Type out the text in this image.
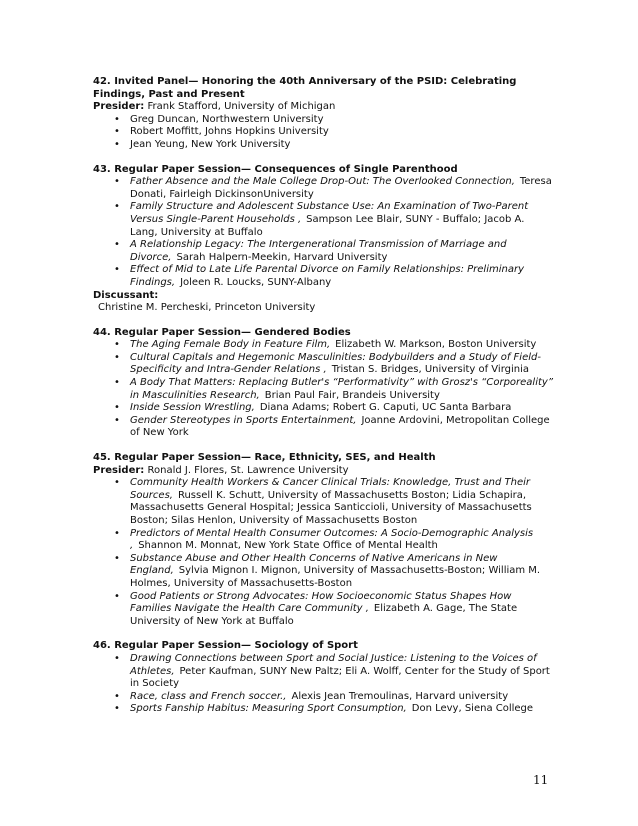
42. Invited Panel— Honoring the 40th Anniversary of the PSID: Celebrating Findings, Past and Present
Presider: Frank Stafford, University of Michigan
• Greg Duncan, Northwestern University
• Robert Moffitt, Johns Hopkins University
• Jean Yeung, New York University
43. Regular Paper Session— Consequences of Single Parenthood
• Father Absence and the Male College Drop-Out: The Overlooked Connection, Teresa Donati, Fairleigh DickinsonUniversity
• Family Structure and Adolescent Substance Use: An Examination of Two-Parent Versus Single-Parent Households , Sampson Lee Blair, SUNY - Buffalo; Jacob A. Lang, University at Buffalo
• A Relationship Legacy: The Intergenerational Transmission of Marriage and Divorce, Sarah Halpern-Meekin, Harvard University
• Effect of Mid to Late Life Parental Divorce on Family Relationships: Preliminary Findings, Joleen R. Loucks, SUNY-Albany
Discussant:
Christine M. Percheski, Princeton University
44. Regular Paper Session— Gendered Bodies
• The Aging Female Body in Feature Film, Elizabeth W. Markson, Boston University
• Cultural Capitals and Hegemonic Masculinities: Bodybuilders and a Study of Field-Specificity and Intra-Gender Relations , Tristan S. Bridges, University of Virginia
• A Body That Matters: Replacing Butler's “Performativity” with Grosz's “Corporeality” in Masculinities Research, Brian Paul Fair, Brandeis University
• Inside Session Wrestling, Diana Adams; Robert G. Caputi, UC Santa Barbara
• Gender Stereotypes in Sports Entertainment, Joanne Ardovini, Metropolitan College of New York
45. Regular Paper Session— Race, Ethnicity, SES, and Health
Presider: Ronald J. Flores, St. Lawrence University
• Community Health Workers & Cancer Clinical Trials: Knowledge, Trust and Their Sources, Russell K. Schutt, University of Massachusetts Boston; Lidia Schapira, Massachusetts General Hospital; Jessica Santiccioli, University of Massachusetts Boston; Silas Henlon, University of Massachusetts Boston
• Predictors of Mental Health Consumer Outcomes: A Socio-Demographic Analysis , Shannon M. Monnat, New York State Office of Mental Health
• Substance Abuse and Other Health Concerns of Native Americans in New England, Sylvia Mignon I. Mignon, University of Massachusetts-Boston; William M. Holmes, University of Massachusetts-Boston
• Good Patients or Strong Advocates: How Socioeconomic Status Shapes How Families Navigate the Health Care Community , Elizabeth A. Gage, The State University of New York at Buffalo
46. Regular Paper Session— Sociology of Sport
• Drawing Connections between Sport and Social Justice: Listening to the Voices of Athletes, Peter Kaufman, SUNY New Paltz; Eli A. Wolff, Center for the Study of Sport in Society
• Race, class and French soccer., Alexis Jean Tremoulinas, Harvard university
• Sports Fanship Habitus: Measuring Sport Consumption, Don Levy, Siena College
11
